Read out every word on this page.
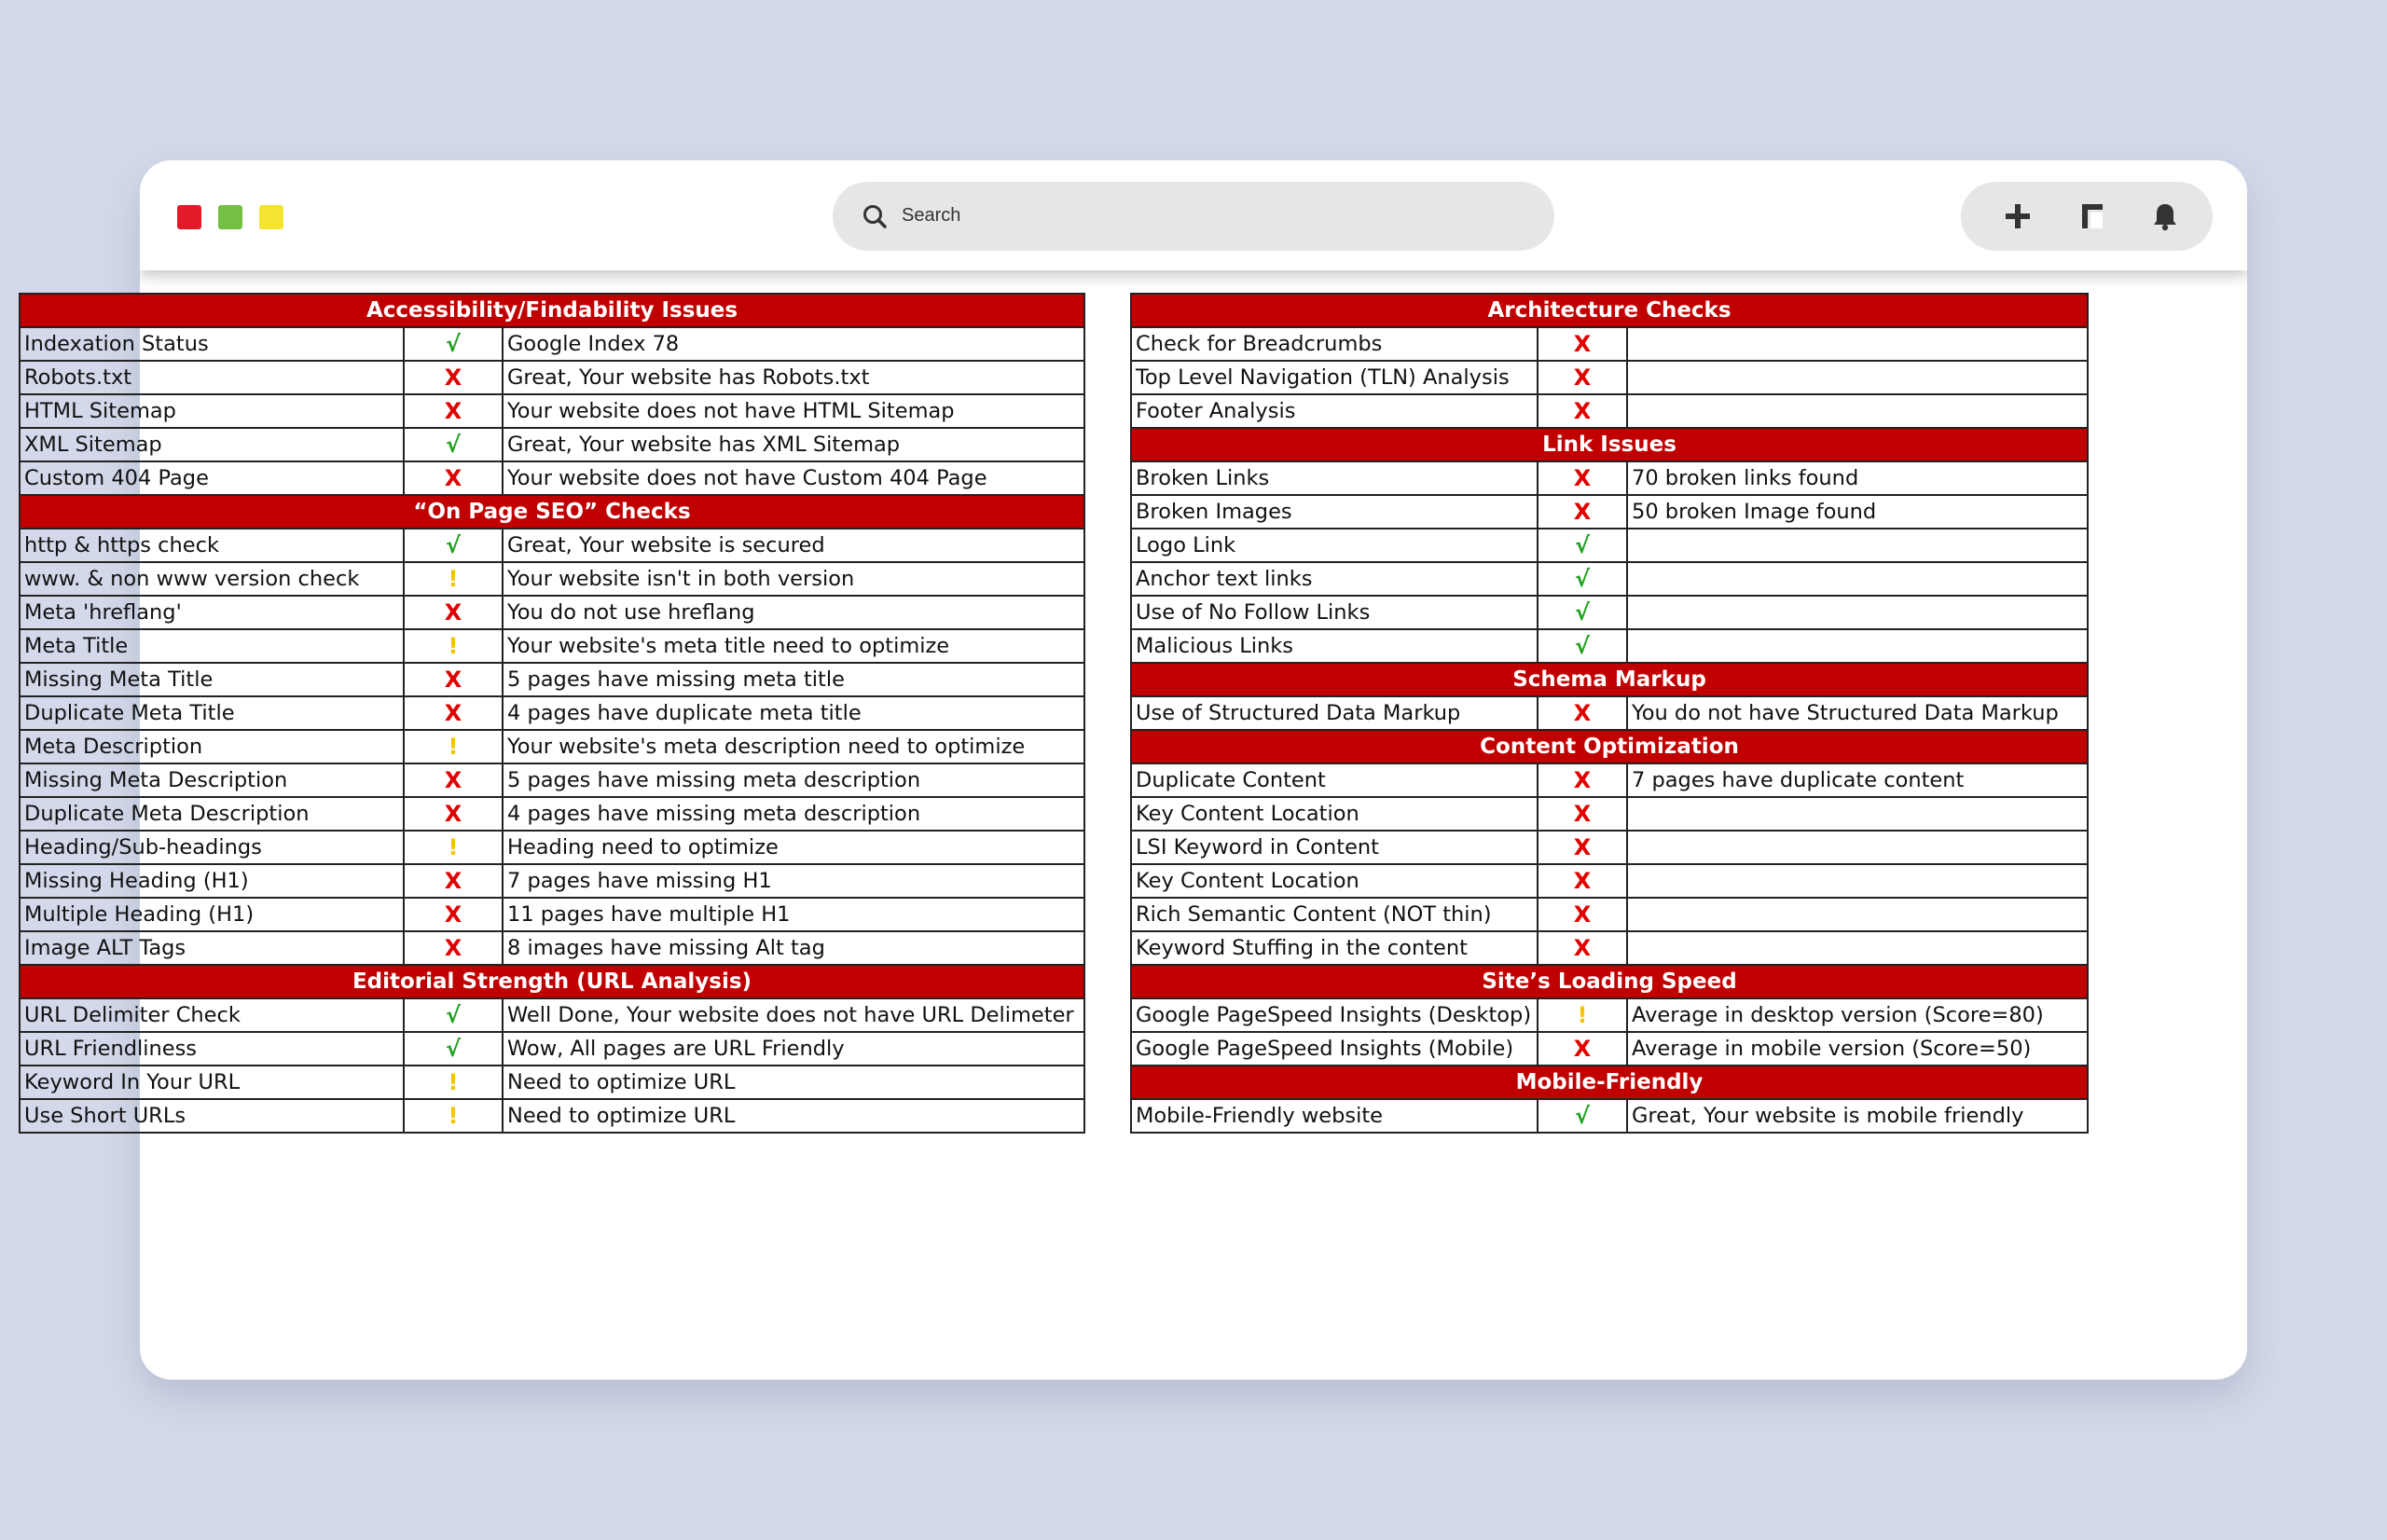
Search
Accessibility/Findability Issues		
Indexation Status	√	Google Index 78
Robots.txt	X	Great, Your website has Robots.txt
HTML Sitemap	X	Your website does not have HTML Sitemap
XML Sitemap	√	Great, Your website has XML Sitemap
Custom 404 Page	X	Your website does not have Custom 404 Page
“On Page SEO” Checks		
http & https check	√	Great, Your website is secured
www. & non www version check	!	Your website isn't in both version
Meta 'hreflang'	X	You do not use hreflang
Meta Title	!	Your website's meta title need to optimize
Missing Meta Title	X	5 pages have missing meta title
Duplicate Meta Title	X	4 pages have duplicate meta title
Meta Description	!	Your website's meta description need to optimize
Missing Meta Description	X	5 pages have missing meta description
Duplicate Meta Description	X	4 pages have missing meta description
Heading/Sub-headings	!	Heading need to optimize
Missing Heading (H1)	X	7 pages have missing H1
Multiple Heading (H1)	X	11 pages have multiple H1
Image ALT Tags	X	8 images have missing Alt tag
Editorial Strength (URL Analysis)		
URL Delimiter Check	√	Well Done, Your website does not have URL Delimeter
URL Friendliness	√	Wow, All pages are URL Friendly
Keyword In Your URL	!	Need to optimize URL
Use Short URLs	!	Need to optimize URL
Architecture Checks		
Check for Breadcrumbs	X	
Top Level Navigation (TLN) Analysis	X	
Footer Analysis	X	
Link Issues		
Broken Links	X	70 broken links found
Broken Images	X	50 broken Image found
Logo Link	√	
Anchor text links	√	
Use of No Follow Links	√	
Malicious Links	√	
Schema Markup		
Use of Structured Data Markup	X	You do not have Structured Data Markup
Content Optimization		
Duplicate Content	X	7 pages have duplicate content
Key Content Location	X	
LSI Keyword in Content	X	
Key Content Location	X	
Rich Semantic Content (NOT thin)	X	
Keyword Stuffing in the content	X	
Site’s Loading Speed		
Google PageSpeed Insights (Desktop)	!	Average in desktop version (Score=80)
Google PageSpeed Insights (Mobile)	X	Average in mobile version (Score=50)
Mobile-Friendly		
Mobile-Friendly website	√	Great, Your website is mobile friendly
